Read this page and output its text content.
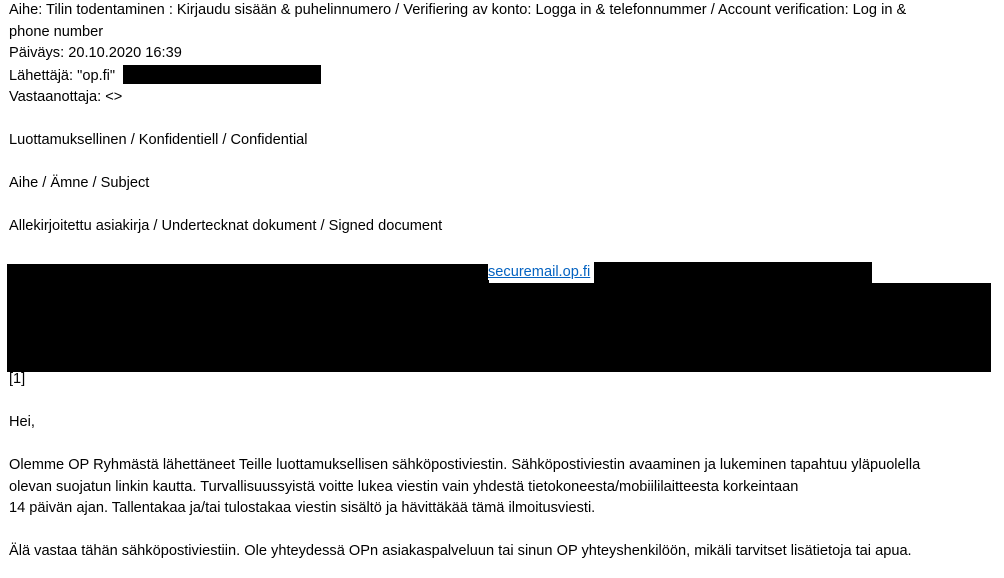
Aihe: Tilin todentaminen : Kirjaudu sisään & puhelinnumero / Verifiering av konto: Logga in & telefonnummer / Account verification: Log in &
phone number
Päiväys: 20.10.2020 16:39
Lähettäjä: "op.fi"
Vastaanottaja: <>
Luottamuksellinen / Konfidentiell / Confidential
Aihe / Ämne / Subject
Allekirjoitettu asiakirja / Undertecknat dokument / Signed document
securemail.op.fi
[1]
Hei,
Olemme OP Ryhmästä lähettäneet Teille luottamuksellisen sähköpostiviestin. Sähköpostiviestin avaaminen ja lukeminen tapahtuu yläpuolella
olevan suojatun linkin kautta. Turvallisuussyistä voitte lukea viestin vain yhdestä tietokoneesta/mobiililaitteesta korkeintaan
14 päivän ajan. Tallentakaa ja/tai tulostakaa viestin sisältö ja hävittäkää tämä ilmoitusviesti.
Älä vastaa tähän sähköpostiviestiin. Ole yhteydessä OPn asiakaspalveluun tai sinun OP yhteyshenkilöön, mikäli tarvitset lisätietoja tai apua.
